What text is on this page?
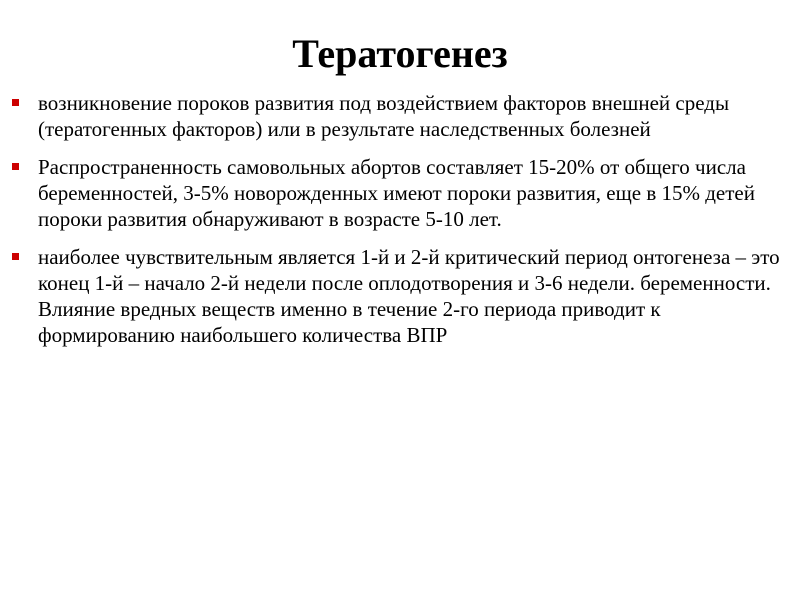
Тератогенез
возникновение пороков развития под воздействием факторов внешней среды (тератогенных факторов) или в результате наследственных болезней
Распространенность самовольных абортов составляет 15-20% от общего числа беременностей, 3-5% новорожденных имеют пороки развития, еще в 15% детей пороки развития обнаруживают в возрасте 5-10 лет.
наиболее чувствительным является 1-й и 2-й критический период онтогенеза – это конец 1-й – начало 2-й недели после оплодотворения и 3-6 недели. беременности. Влияние вредных веществ именно в течение 2-го периода приводит к формированию наибольшего количества ВПР
